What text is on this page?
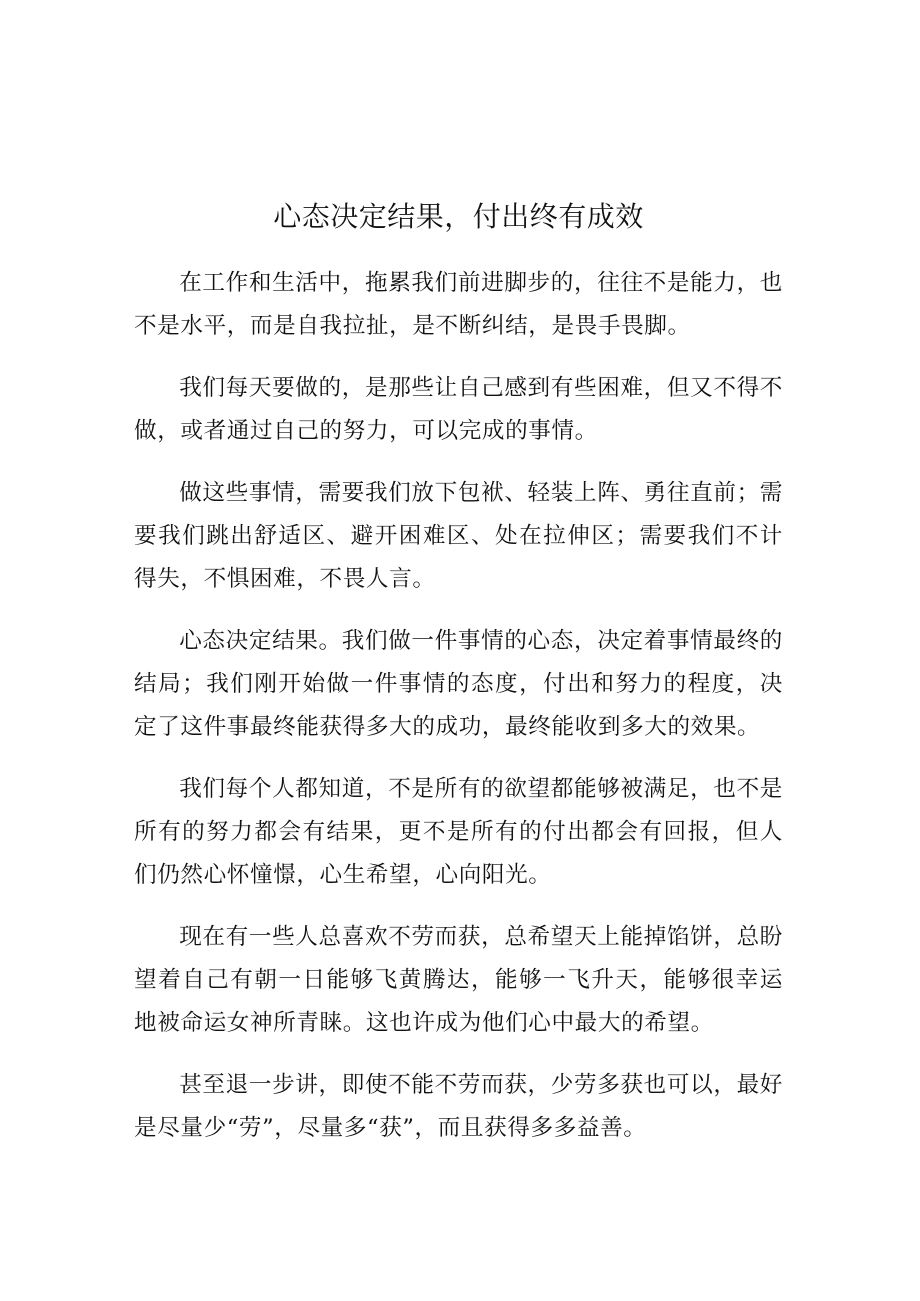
心态决定结果，付出终有成效

在工作和生活中，拖累我们前进脚步的，往往不是能力，也不是水平，而是自我拉扯，是不断纠结，是畏手畏脚。

我们每天要做的，是那些让自己感到有些困难，但又不得不做，或者通过自己的努力，可以完成的事情。

做这些事情，需要我们放下包袱、轻装上阵、勇往直前；需要我们跳出舒适区、避开困难区、处在拉伸区；需要我们不计得失，不惧困难，不畏人言。

心态决定结果。我们做一件事情的心态，决定着事情最终的结局；我们刚开始做一件事情的态度，付出和努力的程度，决定了这件事最终能获得多大的成功，最终能收到多大的效果。

我们每个人都知道，不是所有的欲望都能够被满足，也不是所有的努力都会有结果，更不是所有的付出都会有回报，但人们仍然心怀憧憬，心生希望，心向阳光。

现在有一些人总喜欢不劳而获，总希望天上能掉馅饼，总盼望着自己有朝一日能够飞黄腾达，能够一飞升天，能够很幸运地被命运女神所青睐。这也许成为他们心中最大的希望。

甚至退一步讲，即使不能不劳而获，少劳多获也可以，最好是尽量少“劳”，尽量多“获”，而且获得多多益善。
